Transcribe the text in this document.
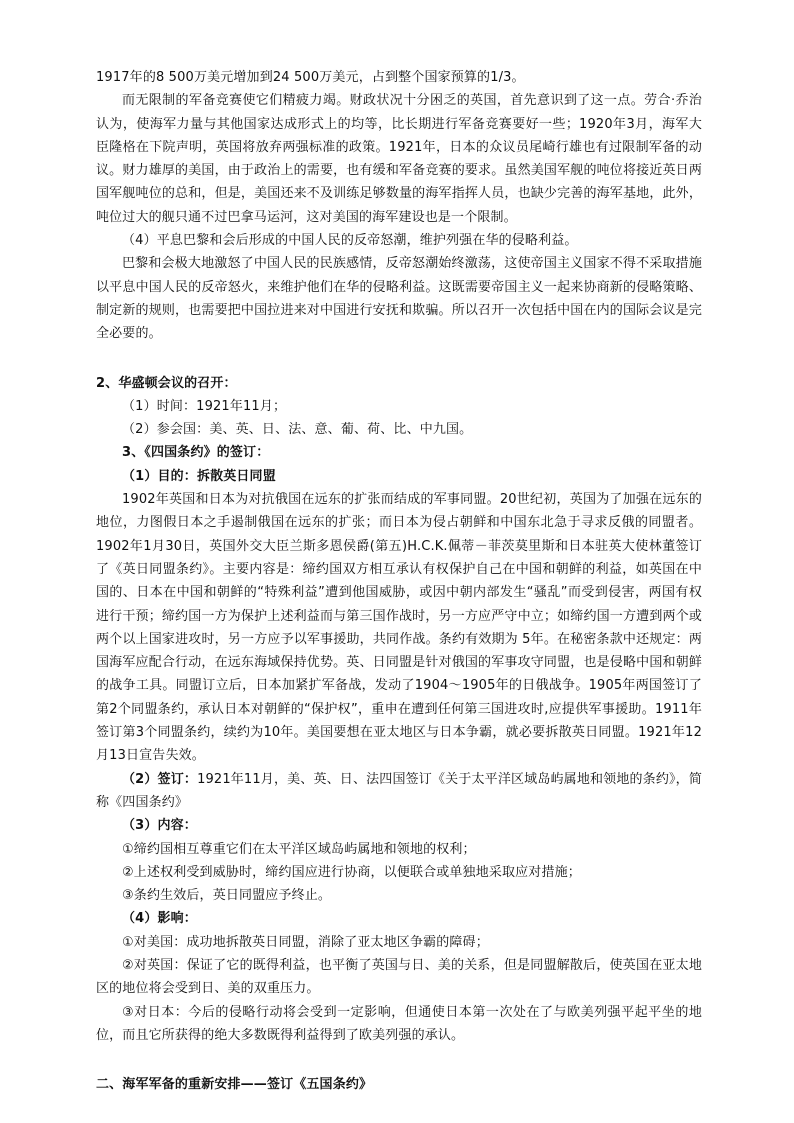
1917年的8 500万美元增加到24 500万美元，占到整个国家预算的1/3。

而无限制的军备竞赛使它们精疲力竭。财政状况十分困乏的英国，首先意识到了这一点。劳合·乔治认为，使海军力量与其他国家达成形式上的均等，比长期进行军备竞赛要好一些；1920年3月，海军大臣隆格在下院声明，英国将放弃两强标准的政策。1921年，日本的众议员尾崎行雄也有过限制军备的动议。财力雄厚的美国，由于政治上的需要，也有缓和军备竞赛的要求。虽然美国军舰的吨位将接近英日两国军舰吨位的总和，但是，美国还来不及训练足够数量的海军指挥人员，也缺少完善的海军基地，此外，吨位过大的舰只通不过巴拿马运河，这对美国的海军建设也是一个限制。

（4）平息巴黎和会后形成的中国人民的反帝怒潮，维护列强在华的侵略利益。

巴黎和会极大地激怒了中国人民的民族感情，反帝怒潮始终激荡，这使帝国主义国家不得不采取措施以平息中国人民的反帝怒火，来维护他们在华的侵略利益。这既需要帝国主义一起来协商新的侵略策略、制定新的规则，也需要把中国拉进来对中国进行安抚和欺骗。所以召开一次包括中国在内的国际会议是完全必要的。

2、华盛顿会议的召开：

（1）时间：1921年11月；

（2）参会国：美、英、日、法、意、葡、荷、比、中九国。

3、《四国条约》的签订：

（1）目的：拆散英日同盟

1902年英国和日本为对抗俄国在远东的扩张而结成的军事同盟。20世纪初，英国为了加强在远东的地位，力图假日本之手遏制俄国在远东的扩张；而日本为侵占朝鲜和中国东北急于寻求反俄的同盟者。1902年1月30日，英国外交大臣兰斯多恩侯爵(第五)H.C.K.佩蒂－菲茨莫里斯和日本驻英大使林董签订了《英日同盟条约》。主要内容是：缔约国双方相互承认有权保护自己在中国和朝鲜的利益，如英国在中国的、日本在中国和朝鲜的“特殊利益”遭到他国威胁，或因中朝内部发生“骚乱”而受到侵害，两国有权进行干预；缔约国一方为保护上述利益而与第三国作战时，另一方应严守中立；如缔约国一方遭到两个或两个以上国家进攻时，另一方应予以军事援助，共同作战。条约有效期为 5年。在秘密条款中还规定：两国海军应配合行动，在远东海域保持优势。英、日同盟是针对俄国的军事攻守同盟，也是侵略中国和朝鲜的战争工具。同盟订立后，日本加紧扩军备战，发动了1904～1905年的日俄战争。1905年两国签订了第2个同盟条约，承认日本对朝鲜的“保护权”，重申在遭到任何第三国进攻时,应提供军事援助。1911年签订第3个同盟条约，续约为10年。美国要想在亚太地区与日本争霸，就必要拆散英日同盟。1921年12月13日宣告失效。

（2）签订：1921年11月，美、英、日、法四国签订《关于太平洋区域岛屿属地和领地的条约》，简称《四国条约》

（3）内容：

①缔约国相互尊重它们在太平洋区域岛屿属地和领地的权利；

②上述权利受到威胁时，缔约国应进行协商，以便联合或单独地采取应对措施；

③条约生效后，英日同盟应予终止。

（4）影响：

①对美国：成功地拆散英日同盟，消除了亚太地区争霸的障碍；

②对英国：保证了它的既得利益，也平衡了英国与日、美的关系，但是同盟解散后，使英国在亚太地区的地位将会受到日、美的双重压力。

③对日本：今后的侵略行动将会受到一定影响，但通使日本第一次处在了与欧美列强平起平坐的地位，而且它所获得的绝大多数既得利益得到了欧美列强的承认。

二、海军军备的重新安排——签订《五国条约》
